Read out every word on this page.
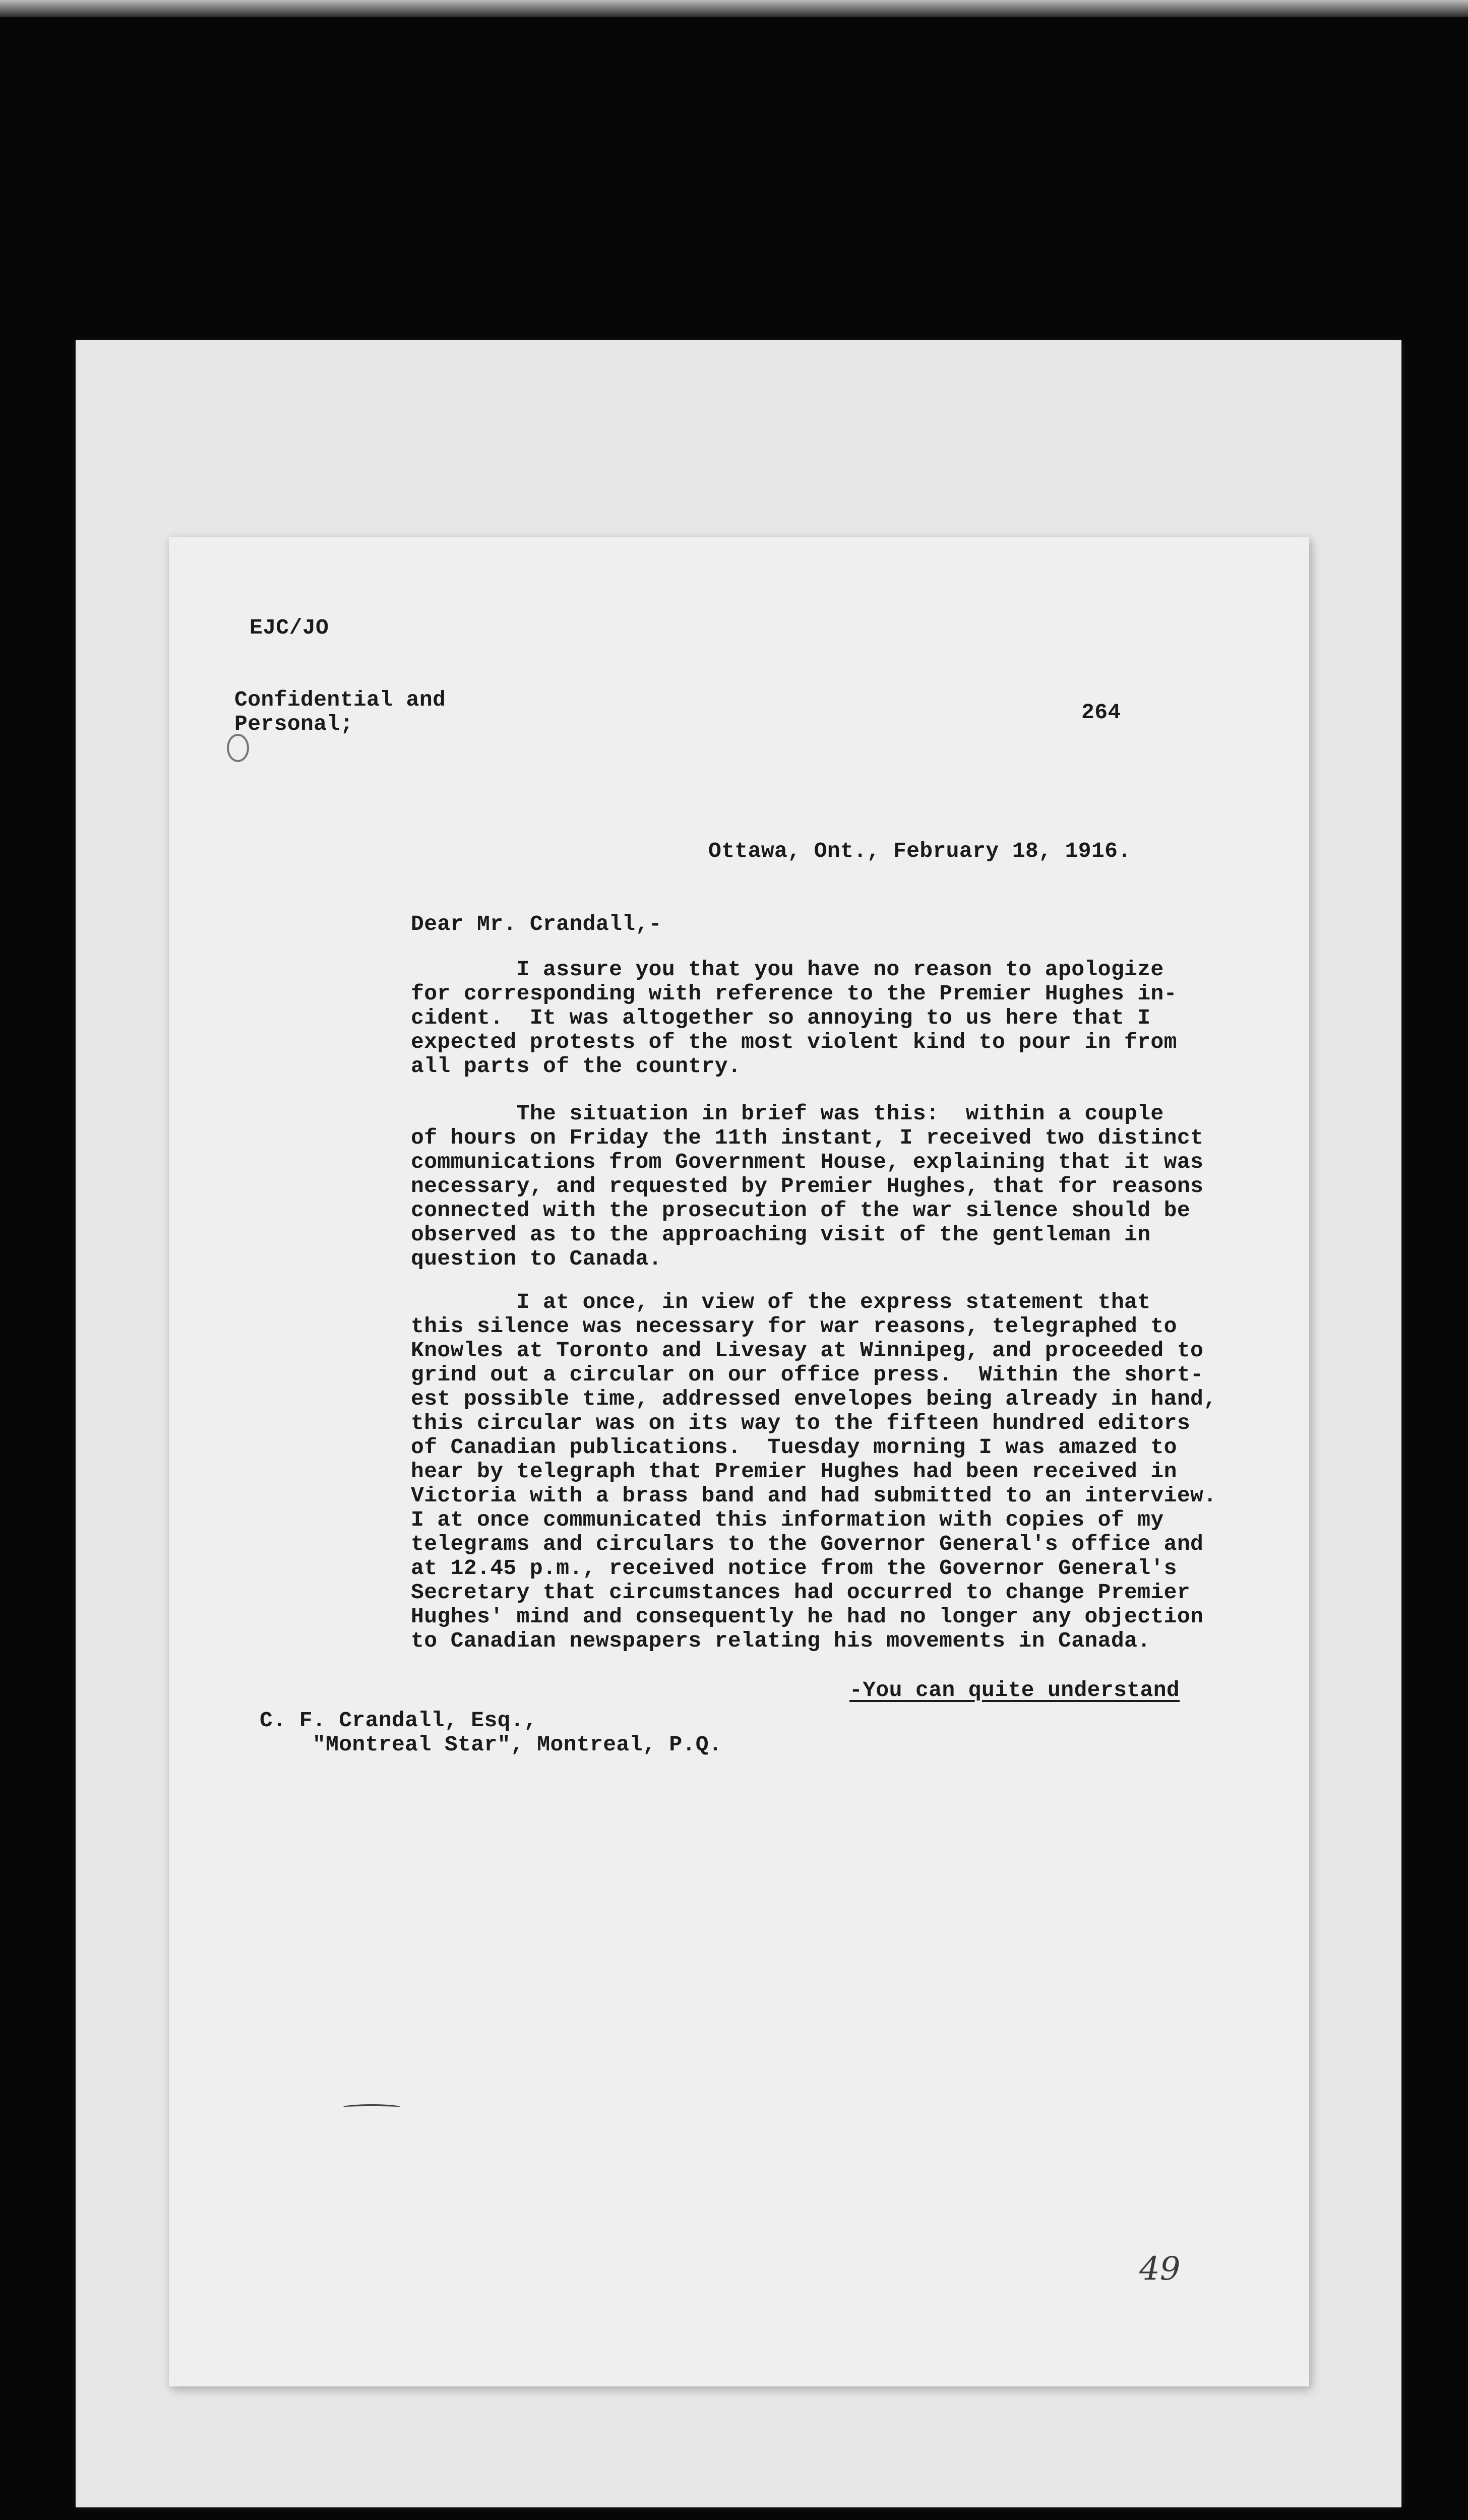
EJC/JO
Confidential and
Personal;	264
Ottawa, Ont., February 18, 1916.
Dear Mr. Crandall,-
I assure you that you have no reason to apologize
for corresponding with reference to the Premier Hughes in-
cident.  It was altogether so annoying to us here that I
expected protests of the most violent kind to pour in from
all parts of the country.
The situation in brief was this:  within a couple
of hours on Friday the 11th instant, I received two distinct
communications from Government House, explaining that it was
necessary, and requested by Premier Hughes, that for reasons
connected with the prosecution of the war silence should be
observed as to the approaching visit of the gentleman in
question to Canada.
I at once, in view of the express statement that
this silence was necessary for war reasons, telegraphed to
Knowles at Toronto and Livesay at Winnipeg, and proceeded to
grind out a circular on our office press.  Within the short-
est possible time, addressed envelopes being already in hand,
this circular was on its way to the fifteen hundred editors
of Canadian publications.  Tuesday morning I was amazed to
hear by telegraph that Premier Hughes had been received in
Victoria with a brass band and had submitted to an interview.
I at once communicated this information with copies of my
telegrams and circulars to the Governor General's office and
at 12.45 p.m., received notice from the Governor General's
Secretary that circumstances had occurred to change Premier
Hughes' mind and consequently he had no longer any objection
to Canadian newspapers relating his movements in Canada.
-You can quite understand
C. F. Crandall, Esq.,
"Montreal Star", Montreal, P.Q.
49
